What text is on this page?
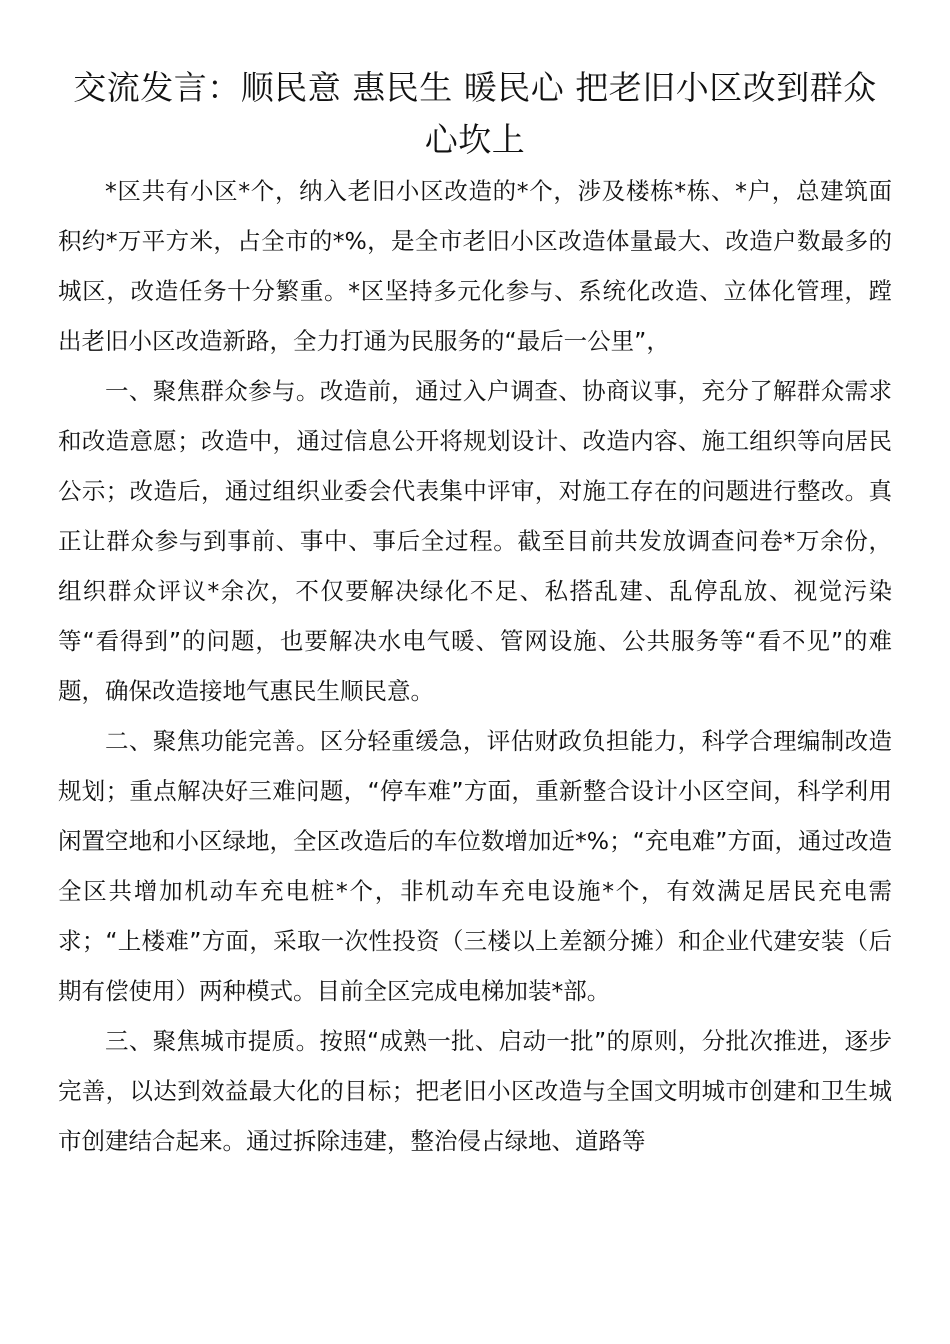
交流发言：顺民意 惠民生 暖民心 把老旧小区改到群众心坎上

*区共有小区*个，纳入老旧小区改造的*个，涉及楼栋*栋、*户，总建筑面积约*万平方米，占全市的*%，是全市老旧小区改造体量最大、改造户数最多的城区，改造任务十分繁重。*区坚持多元化参与、系统化改造、立体化管理，蹚出老旧小区改造新路，全力打通为民服务的“最后一公里”，

一、聚焦群众参与。改造前，通过入户调查、协商议事，充分了解群众需求和改造意愿；改造中，通过信息公开将规划设计、改造内容、施工组织等向居民公示；改造后，通过组织业委会代表集中评审，对施工存在的问题进行整改。真正让群众参与到事前、事中、事后全过程。截至目前共发放调查问卷*万余份，组织群众评议*余次，不仅要解决绿化不足、私搭乱建、乱停乱放、视觉污染等“看得到”的问题，也要解决水电气暖、管网设施、公共服务等“看不见”的难题，确保改造接地气惠民生顺民意。

二、聚焦功能完善。区分轻重缓急，评估财政负担能力，科学合理编制改造规划；重点解决好三难问题，“停车难”方面，重新整合设计小区空间，科学利用闲置空地和小区绿地，全区改造后的车位数增加近*%；“充电难”方面，通过改造全区共增加机动车充电桩*个，非机动车充电设施*个，有效满足居民充电需求；“上楼难”方面，采取一次性投资（三楼以上差额分摊）和企业代建安装（后期有偿使用）两种模式。目前全区完成电梯加装*部。

三、聚焦城市提质。按照“成熟一批、启动一批”的原则，分批次推进，逐步完善，以达到效益最大化的目标；把老旧小区改造与全国文明城市创建和卫生城市创建结合起来。通过拆除违建，整治侵占绿地、道路等
